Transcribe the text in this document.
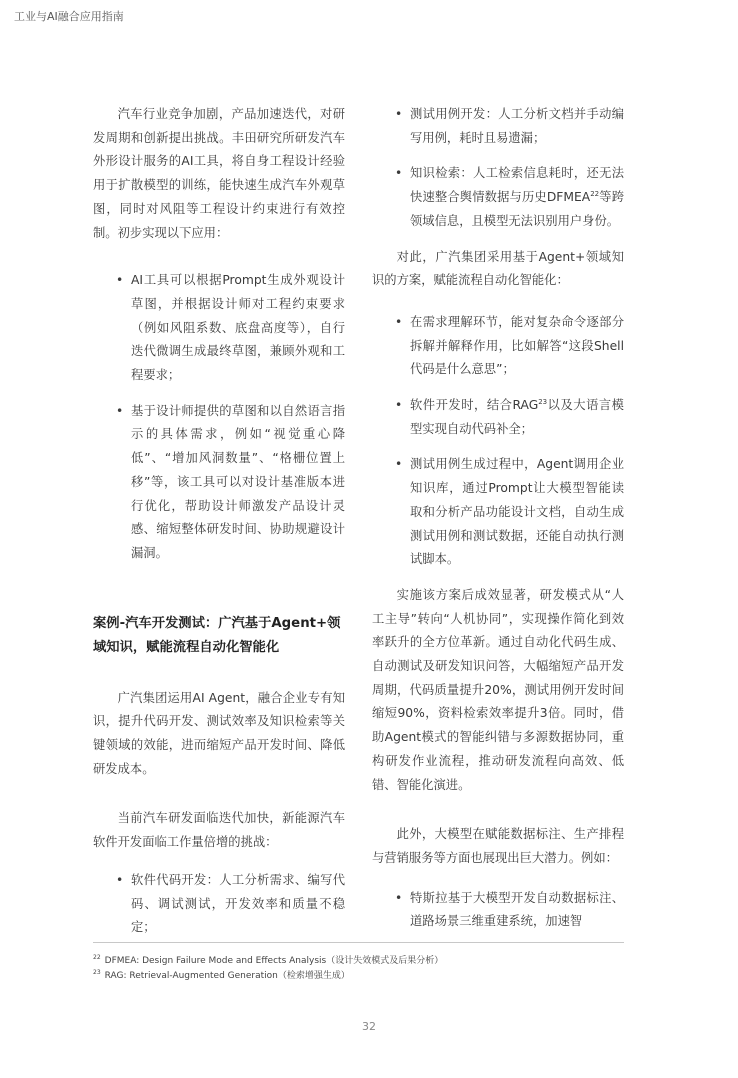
工业与AI融合应用指南

汽车行业竞争加剧，产品加速迭代，对研发周期和创新提出挑战。丰田研究所研发汽车外形设计服务的AI工具，将自身工程设计经验用于扩散模型的训练，能快速生成汽车外观草图，同时对风阻等工程设计约束进行有效控制。初步实现以下应用：

• AI工具可以根据Prompt生成外观设计草图，并根据设计师对工程约束要求（例如风阻系数、底盘高度等），自行迭代微调生成最终草图，兼顾外观和工程要求；
• 基于设计师提供的草图和以自然语言指示的具体需求，例如“视觉重心降低”、“增加风洞数量”、“格栅位置上移”等，该工具可以对设计基准版本进行优化，帮助设计师激发产品设计灵感、缩短整体研发时间、协助规避设计漏洞。
案例-汽车开发测试：广汽基于Agent+领域知识，赋能流程自动化智能化

广汽集团运用AI Agent，融合企业专有知识，提升代码开发、测试效率及知识检索等关键领域的效能，进而缩短产品开发时间、降低研发成本。

当前汽车研发面临迭代加快，新能源汽车软件开发面临工作量倍增的挑战：

• 软件代码开发：人工分析需求、编写代码、调试测试，开发效率和质量不稳定；
• 测试用例开发：人工分析文档并手动编写用例，耗时且易遗漏；
• 知识检索：人工检索信息耗时，还无法快速整合舆情数据与历史DFMEA$^{22}$等跨领域信息，且模型无法识别用户身份。

对此，广汽集团采用基于Agent+领域知识的方案，赋能流程自动化智能化：

• 在需求理解环节，能对复杂命令逐部分拆解并解释作用，比如解答“这段Shell代码是什么意思”；
• 软件开发时，结合RAG$^{23}$以及大语言模型实现自动代码补全；
• 测试用例生成过程中，Agent调用企业知识库，通过Prompt让大模型智能读取和分析产品功能设计文档，自动生成测试用例和测试数据，还能自动执行测试脚本。

实施该方案后成效显著，研发模式从“人工主导”转向“人机协同”，实现操作简化到效率跃升的全方位革新。通过自动化代码生成、自动测试及研发知识问答，大幅缩短产品开发周期，代码质量提升20%，测试用例开发时间缩短90%，资料检索效率提升3倍。同时，借助Agent模式的智能纠错与多源数据协同，重构研发作业流程，推动研发流程向高效、低错、智能化演进。

此外，大模型在赋能数据标注、生产排程与营销服务等方面也展现出巨大潜力。例如：

• 特斯拉基于大模型开发自动数据标注、道路场景三维重建系统，加速智
$^{22}$ DFMEA: Design Failure Mode and Effects Analysis（设计失效模式及后果分析）
$^{23}$ RAG: Retrieval-Augmented Generation（检索增强生成）
32
